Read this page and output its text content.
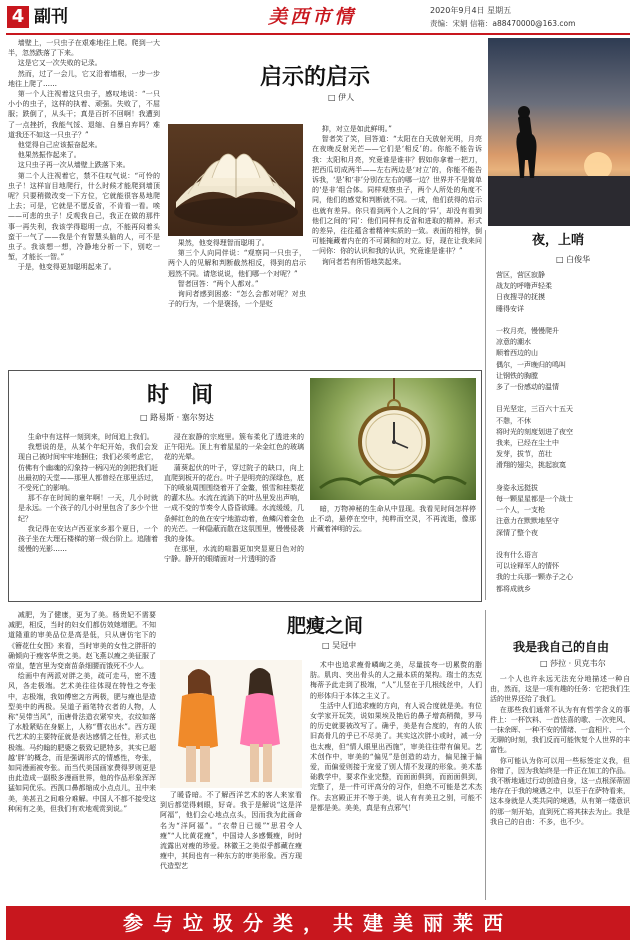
4 副刊	美西市情	2020年9月4日 星期五
责编：宋娟 信箱：a88470000@163.com

墙壁上，一只虫子在艰难地往上爬。爬到一大半，忽然跌落了下来。

这是它又一次失败的记录。

然而，过了一会儿，它又沿着墙根，一步一步地往上爬了……

第一个人注视着这只虫子，感叹地说：“一只小小的虫子，这样的执着、顽强。失败了，不屈服；跌倒了，从头干；真是百折不回啊！我遭到了一点挫折，我能气馁、退缩、自暴自弃吗？难道我还不如这一只虫子？”

他觉得自己应该振奋起来。

他果然振作起来了。

这只虫子再一次从墙壁上跌落下来。

第二个人注视着它，禁不住叹气说：“可怜的虫子！这样盲目地爬行，什么时候才能爬到墙顶呢？只要稍微改变一下方位，它就能很容易地爬上去；可是，它就是不愿反省，不肯看一看。唉——可悲的虫子！反观我自己，我正在做的那件事一再失利，我该学得聪明一点，不能再闷着头蛮干一气了——我是个有智慧头脑的人，可不是虫子。我该想一想，冷静地分析一下，别吃一堑，才能长一智。”

于是，他变得更加聪明起来了。

启示的启示
□ 伊人

果然，他变得理智而聪明了。

第三个人向同伴说：“观察同一只虫子，两个人的见解和判断截然相反，得到的启示迥然不同。请您说说，他们哪一个对呢？”

智者回答：“两个人都对。”

询问者感到困惑：“怎么会都对呢？对虫子的行为，一个是褒扬，一个是贬

抑，对立是如此鲜明。”

智者笑了笑，回答道：“太阳在白天放射光明，月亮在夜晚反射光芒——它们是‘相反’的。你能不能告诉我：太阳和月亮，究竟谁是谁非？假如你拿着一把刀，把西瓜切成两半——左右两边是‘对立’的，你能不能告诉我，‘是’和‘非’分别在左右的哪一边？世界并不是简单的‘是非’组合体。同样观察虫子，两个人所处的角度不同，他们的感觉和判断就不同。一成，他们获得的启示也就有差异。你只看到两个人之间的‘异’，却没有看到他们之间的‘同’：他们同样有反省和进取的精神。形式的差异，往往蕴含着精神实质的一致。表面的相悖，倒可能掩藏着内在的不可调和的对立。好，现在让我来问一问你：你的认识和我的认识，究竟谁是谁非？”

询问者若有所悟地笑起来。

夜，上哨
□ 白俊华
营区，营区寂静
战友的呼噜声轻柔
日夜搜寻的抚摸
睡得安详

一枚月亮，慢慢爬升
凉意的潮水
顺着西边的山
偶尔，一声晚归的鸣叫
让钢铁的胸膛
多了一份感动的温情

目光坚定，三百六十五天
不憩，不休
将时光的刻度划进了夜空
我来，已经在尘土中
发芽，拔节，茁壮
滑翔的翅尖，挑起寂寞

身姿永远挺拔
每一颗星星都是一个战士
一个人，一支枪
注意力在默默地坚守
深情了整个夜

没有什么语言
可以诠释军人的情怀
我的士兵那一颗赤子之心
都将成就乡
时　间
□ 路易斯 · 塞尔努达

生命中有这样一刻到来，时间追上我们。

我想说的是，从某个年纪开始，我们会发现自己被时间牢牢地捆住；我们必须考虑它，仿佛有个幽魂的幻象持一柄闪光的剑把我们赶出最初的天堂——那里人都曾经在那里活过，不受死亡的影响。

那不存在时间的童年啊！一天，几小时就是永远。一个孩子的几小时里包含了多少个世纪？

我记得在安达卢西亚家乡那个夏日，一个孩子坐在大理石楼梯的第一级台阶上。追随着缓慢的光影……

浸在寂静的宗庭里。簇布柔化了透进来的正午阳光。顶上有着星星的一朵金红色的玻璃花的光晕。

蒲葵起伏的叶子，穿过院子的缺口，向上直爬到板开的花台。叶子是明亮的深绿色，底下的喷泉周围围绕着开了金鳖，银雪和桂梨花的灌木丛。水流在流淌下的叶丛里发出声响，一成不变的节奏令人昏昏欲睡。水流缓缓，几条鲜红色的鱼在安宁地游动着，鱼鳞闪着金色的光芒。一种隐蔽而散在这氛围里，慢慢侵袭我的身体。

在那里，水流的喧嚣更加突显夏日色对的宁静。静开的眼睛面对一片透明的香

暗，万物神秘的生命从中显现。我看见时间怎样停止不动，悬停在空中，纯粹而空灵，不再流逝，像那片藏着神明的云。

减肥，为了健康，更为了美。杨贵妃不需要减肥，相反，当时的妇女们都仿效她增肥。不知道隆重的审美品位是高是低，只从唐仿宅下的《簪花仕女图》来看，当时审美的女性之胖肝的确倾向于瘦客华贵之美。赵飞燕以瘦之美征服了帝皇，楚宫里为变南苗条细腰而饿死不少人。

绘画中有两派对胖之美，疏可走马，密不透风，各走极端。艺术美往往体现在特性之夸张中，志极端，我如傅密之方两极，肥与瘦也是造型美中的两极。吴道子画笔特衣者的人物，人称“吴带当风”，而唐骨法造衣紧窄夹，衣纹如落了水般紧贴在身躯上，人称“曹衣出水”。西方现代艺术的主要特征就是表达感情之任性，形式也极端。马约翰的肥婆之极致记肥特多，其实已超越‘胖’的概念，而是强调形式的情感性，夸张，如同漫画被夸张。而当代美国画家费得罗则更是由此造成一副极多漫画世界，他的作品形象浑浑猛如同优乐。西凯口鼻都缩成小点点儿，丑中来美，美甚丑之间难分难解。中国人不都不接受这种闲有之美，但我们有欢地观赏到说。”

肥瘦之间
□ 吴冠中

了暖昏暗。不了解西洋艺术的客人来家看到后都觉得刺眼，好奇。我于是解说“这是洋阿福”，他们会心地点点头，因而我为此画命名为“洋阿福”。“衣带日已缓”“思君令人瘦”“人比黄花瘦”，中国诗人多感慨瘦，时时流露出对瘦的珍爱。林徽王之美似乎都藏在瘦瘦中，其间也有一种东方的审美形象。西方现代造型艺

术中也追求瘦骨嶙峋之美，尽量拔夸一切累赘的脂肪。肌肉、突出骨头的人之最本质的架构。瑞士的杰克梅蒂予此走到了极端，“人”儿竖在于几根线丝中，人们的形体归于本体之主义了。

生活中人们追求瘦的方向，有人说合度就是美。有位女学家开玩笑，说如果埃及艳后的鼻子增高稍微，罗马的历史就要被改写了。确乎，美是有合度的，有的人依旧高骨几的乎已不尽美了。其实这次胖小或时，减一分也太瘦，但“情人眼里出西施”，审美往往带有偏见。艺术创作中，审美的“偏见”是创造的动力，偏见撞于偏爱，而偏爱则接于宠爱了别人情不发现的形象。美术基础教学中，要求作业完整，而面面俱到，而面面俱到，完整了，是一件可评高分的习作，但绝不可能是艺术杰作。去宫殿正并不等于美，说人有有美丑之别，可能不是都是美。美美，真是有点邪气！

我是我自己的自由
□ 莎拉 · 贝克韦尔

一个人也许永远无法充分地描述一种自由，然而，这是一项有趣的任务：它把我们生活的世界还给了我们。

在那些我们通常不认为有有哲学含义的事件上：一杯饮料、一首怯喜的歌、一次兜风、一抹余晖、一种不安的情绪、一盒相片、一个无聊的时刻，我们反而可能恢复个人世界的丰富性。

你可能认为你可以用一些标签定义我，但你错了，因为我始终是一件正在加工的作品。我不断地通过行动创造自身，这一点根深蒂固地存在于我的境遇之中，以至于在萨特看来，这本身就是人类共同的境遇，从有第一缕意识的那一刻开始，直到死亡将其抹去为止。我是我自己的自由：不多，也不少。

参与垃圾分类，共建美丽莱西
